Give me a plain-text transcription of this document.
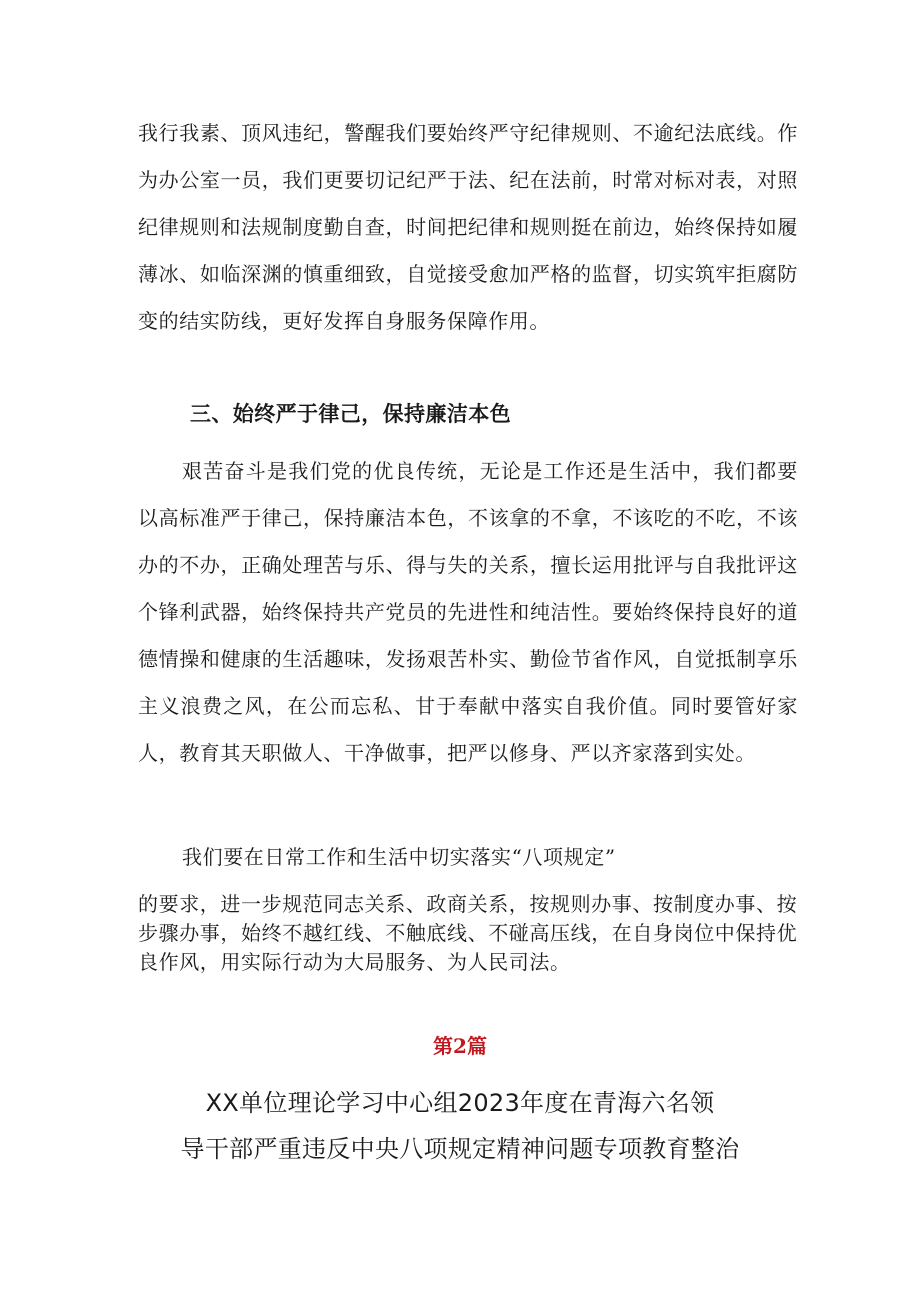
我行我素、顶风违纪，警醒我们要始终严守纪律规则、不逾纪法底线。作为办公室一员，我们更要切记纪严于法、纪在法前，时常对标对表，对照纪律规则和法规制度勤自查，时间把纪律和规则挺在前边，始终保持如履薄冰、如临深渊的慎重细致，自觉接受愈加严格的监督，切实筑牢拒腐防变的结实防线，更好发挥自身服务保障作用。

三、始终严于律己，保持廉洁本色

艰苦奋斗是我们党的优良传统，无论是工作还是生活中，我们都要以高标准严于律己，保持廉洁本色，不该拿的不拿，不该吃的不吃，不该办的不办，正确处理苦与乐、得与失的关系，擅长运用批评与自我批评这个锋利武器，始终保持共产党员的先进性和纯洁性。要始终保持良好的道德情操和健康的生活趣味，发扬艰苦朴实、勤俭节省作风，自觉抵制享乐主义浪费之风，在公而忘私、甘于奉献中落实自我价值。同时要管好家人，教育其天职做人、干净做事，把严以修身、严以齐家落到实处。

我们要在日常工作和生活中切实落实“八项规定”

的要求，进一步规范同志关系、政商关系，按规则办事、按制度办事、按步骤办事，始终不越红线、不触底线、不碰高压线，在自身岗位中保持优良作风，用实际行动为大局服务、为人民司法。

第2篇

XX单位理论学习中心组2023年度在青海六名领
导干部严重违反中央八项规定精神问题专项教育整治
